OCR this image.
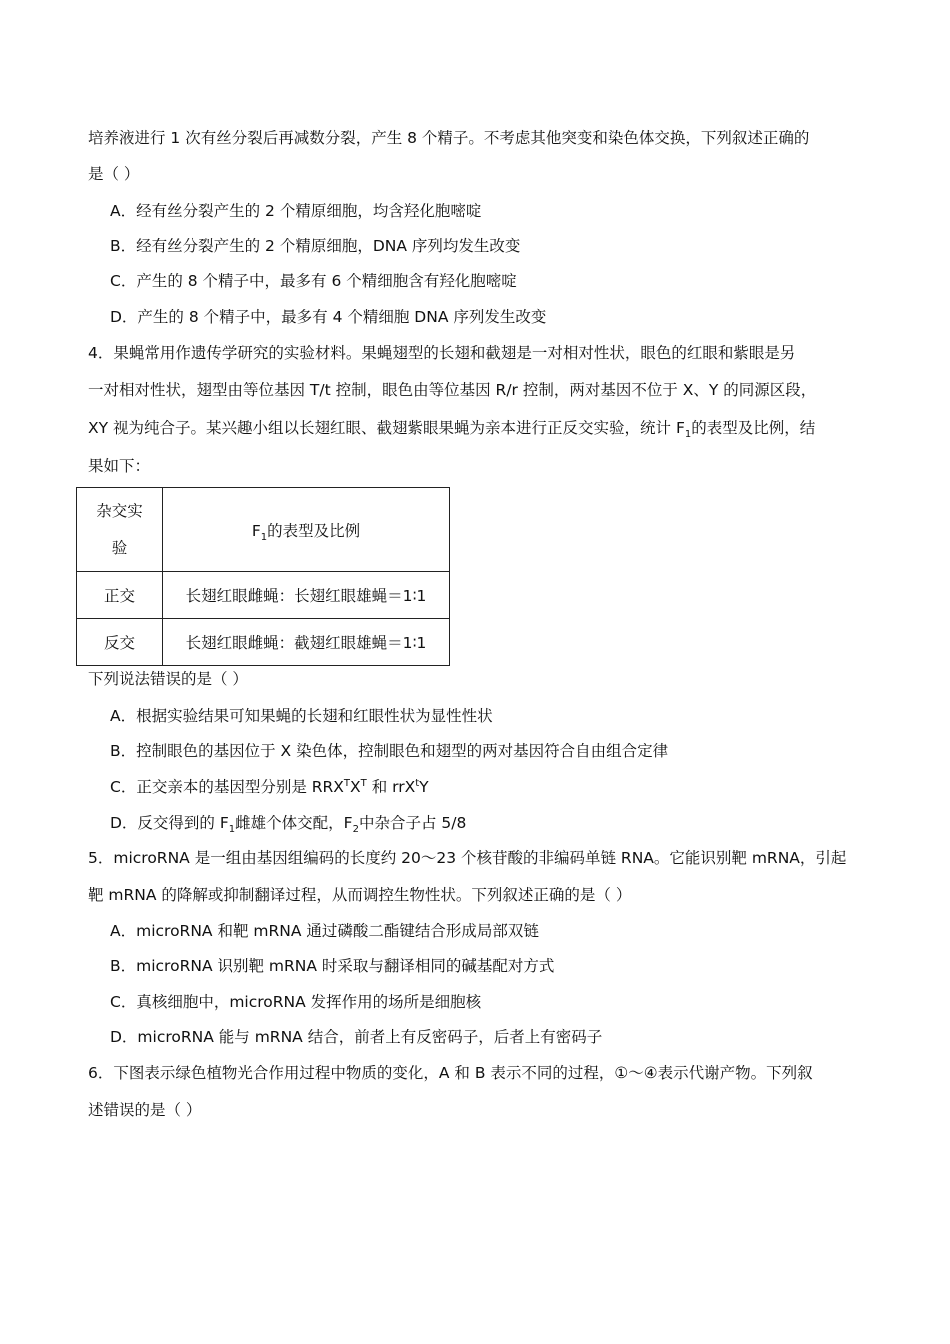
培养液进行 1 次有丝分裂后再减数分裂，产生 8 个精子。不考虑其他突变和染色体交换，下列叙述正确的
是（ ）
A．经有丝分裂产生的 2 个精原细胞，均含羟化胞嘧啶
B．经有丝分裂产生的 2 个精原细胞，DNA 序列均发生改变
C．产生的 8 个精子中，最多有 6 个精细胞含有羟化胞嘧啶
D．产生的 8 个精子中，最多有 4 个精细胞 DNA 序列发生改变
4．果蝇常用作遗传学研究的实验材料。果蝇翅型的长翅和截翅是一对相对性状，眼色的红眼和紫眼是另
一对相对性状，翅型由等位基因 T/t 控制，眼色由等位基因 R/r 控制，两对基因不位于 X、Y 的同源区段，
XY 视为纯合子。某兴趣小组以长翅红眼、截翅紫眼果蝇为亲本进行正反交实验，统计 $F_1$的表型及比例，结
果如下：
杂交实
验	$F_1$的表型及比例
正交	长翅红眼雌蝇：长翅红眼雄蝇＝1∶1
反交	长翅红眼雌蝇：截翅红眼雄蝇＝1∶1
下列说法错误的是（ ）
A．根据实验结果可知果蝇的长翅和红眼性状为显性性状
B．控制眼色的基因位于 X 染色体，控制眼色和翅型的两对基因符合自由组合定律
C．正交亲本的基因型分别是 $RRX^TX^T$ 和 rrX$^t$Y
D．反交得到的 $F_1$雌雄个体交配，$F_2$中杂合子占 5/8
5．microRNA 是一组由基因组编码的长度约 20～23 个核苷酸的非编码单链 RNA。它能识别靶 mRNA，引起
靶 mRNA 的降解或抑制翻译过程，从而调控生物性状。下列叙述正确的是（ ）
A．microRNA 和靶 mRNA 通过磷酸二酯键结合形成局部双链
B．microRNA 识别靶 mRNA 时采取与翻译相同的碱基配对方式
C．真核细胞中，microRNA 发挥作用的场所是细胞核
D．microRNA 能与 mRNA 结合，前者上有反密码子，后者上有密码子
6．下图表示绿色植物光合作用过程中物质的变化，A 和 B 表示不同的过程，①～④表示代谢产物。下列叙
述错误的是（ ）
